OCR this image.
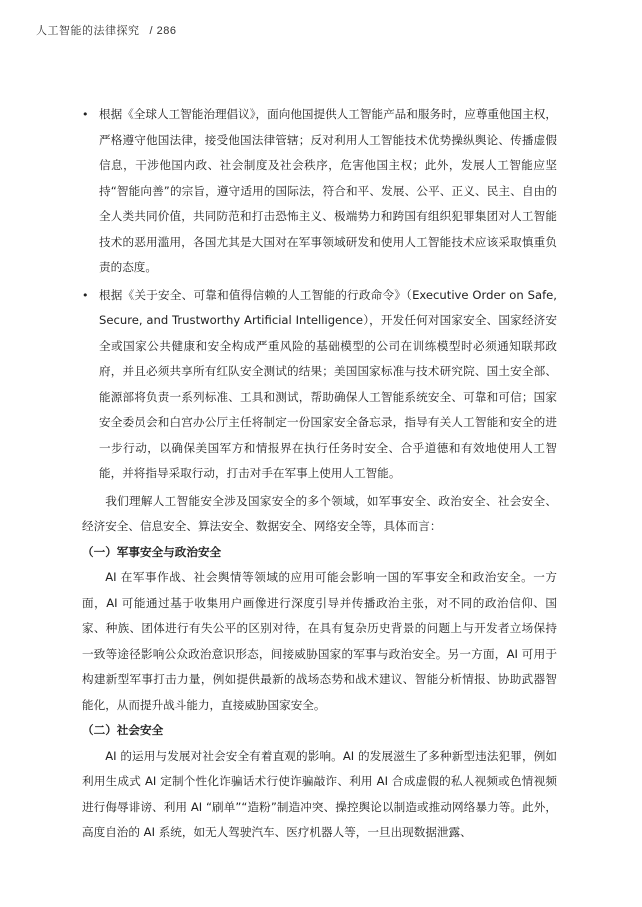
人工智能的法律探究 / 286

• 根据《全球人工智能治理倡议》，面向他国提供人工智能产品和服务时，应尊重他国主权，严格遵守他国法律，接受他国法律管辖；反对利用人工智能技术优势操纵舆论、传播虚假信息，干涉他国内政、社会制度及社会秩序，危害他国主权；此外，发展人工智能应坚持“智能向善”的宗旨，遵守适用的国际法，符合和平、发展、公平、正义、民主、自由的全人类共同价值，共同防范和打击恐怖主义、极端势力和跨国有组织犯罪集团对人工智能技术的恶用滥用，各国尤其是大国对在军事领域研发和使用人工智能技术应该采取慎重负责的态度。

• 根据《关于安全、可靠和值得信赖的人工智能的行政命令》（Executive Order on Safe, Secure, and Trustworthy Artificial Intelligence），开发任何对国家安全、国家经济安全或国家公共健康和安全构成严重风险的基础模型的公司在训练模型时必须通知联邦政府，并且必须共享所有红队安全测试的结果；美国国家标准与技术研究院、国土安全部、能源部将负责一系列标准、工具和测试，帮助确保人工智能系统安全、可靠和可信；国家安全委员会和白宫办公厅主任将制定一份国家安全备忘录，指导有关人工智能和安全的进一步行动，以确保美国军方和情报界在执行任务时安全、合乎道德和有效地使用人工智能，并将指导采取行动，打击对手在军事上使用人工智能。

我们理解人工智能安全涉及国家安全的多个领域，如军事安全、政治安全、社会安全、经济安全、信息安全、算法安全、数据安全、网络安全等，具体而言：

（一）军事安全与政治安全

AI 在军事作战、社会舆情等领域的应用可能会影响一国的军事安全和政治安全。一方面，AI 可能通过基于收集用户画像进行深度引导并传播政治主张，对不同的政治信仰、国家、种族、团体进行有失公平的区别对待，在具有复杂历史背景的问题上与开发者立场保持一致等途径影响公众政治意识形态，间接威胁国家的军事与政治安全。另一方面，AI 可用于构建新型军事打击力量，例如提供最新的战场态势和战术建议、智能分析情报、协助武器智能化，从而提升战斗能力，直接威胁国家安全。

（二）社会安全

AI 的运用与发展对社会安全有着直观的影响。AI 的发展滋生了多种新型违法犯罪，例如利用生成式 AI 定制个性化诈骗话术行使诈骗敲诈、利用 AI 合成虚假的私人视频或色情视频进行侮辱诽谤、利用 AI “刷单”“造粉”制造冲突、操控舆论以制造或推动网络暴力等。此外，高度自治的 AI 系统，如无人驾驶汽车、医疗机器人等，一旦出现数据泄露、
